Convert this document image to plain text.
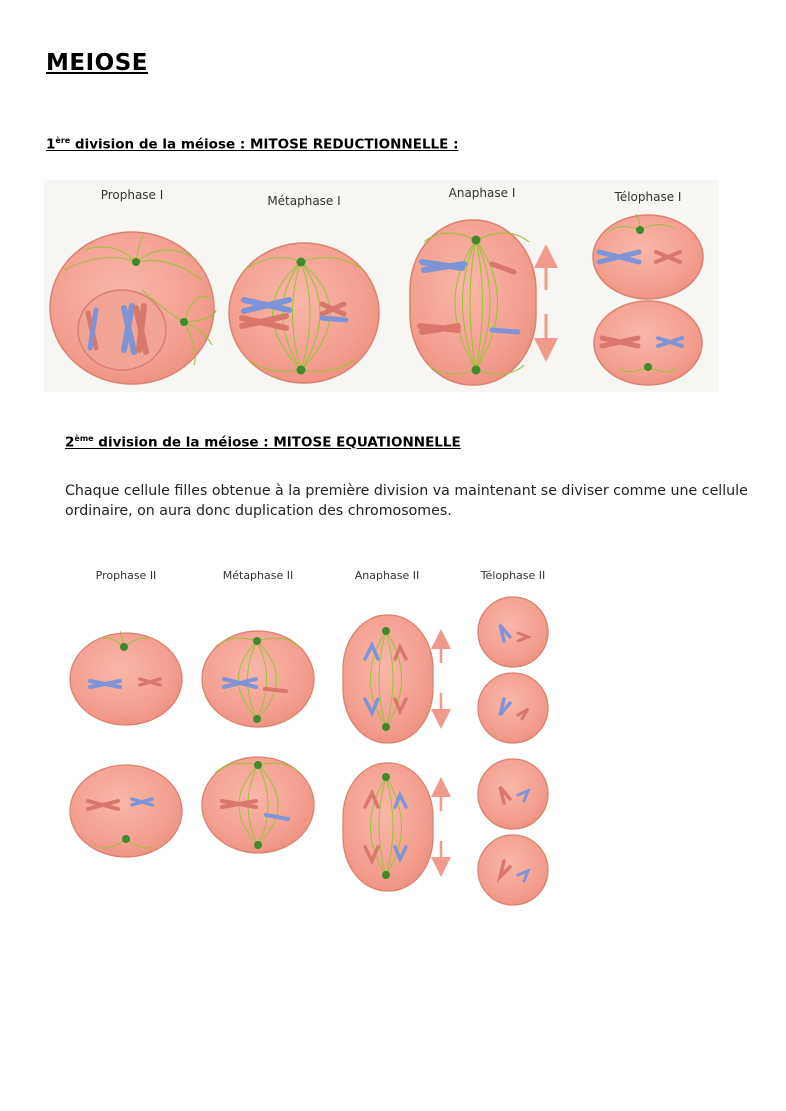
MEIOSE
1ère division de la méiose : MITOSE REDUCTIONNELLE :
Prophase I	Métaphase I
Anaphase I	Télophase I
2ème division de la méiose : MITOSE EQUATIONNELLE

Chaque cellule filles obtenue à la première division va maintenant se diviser comme une cellule ordinaire, on aura donc duplication des chromosomes.

Prophase II	Métaphase II	Anaphase II	Télophase II
